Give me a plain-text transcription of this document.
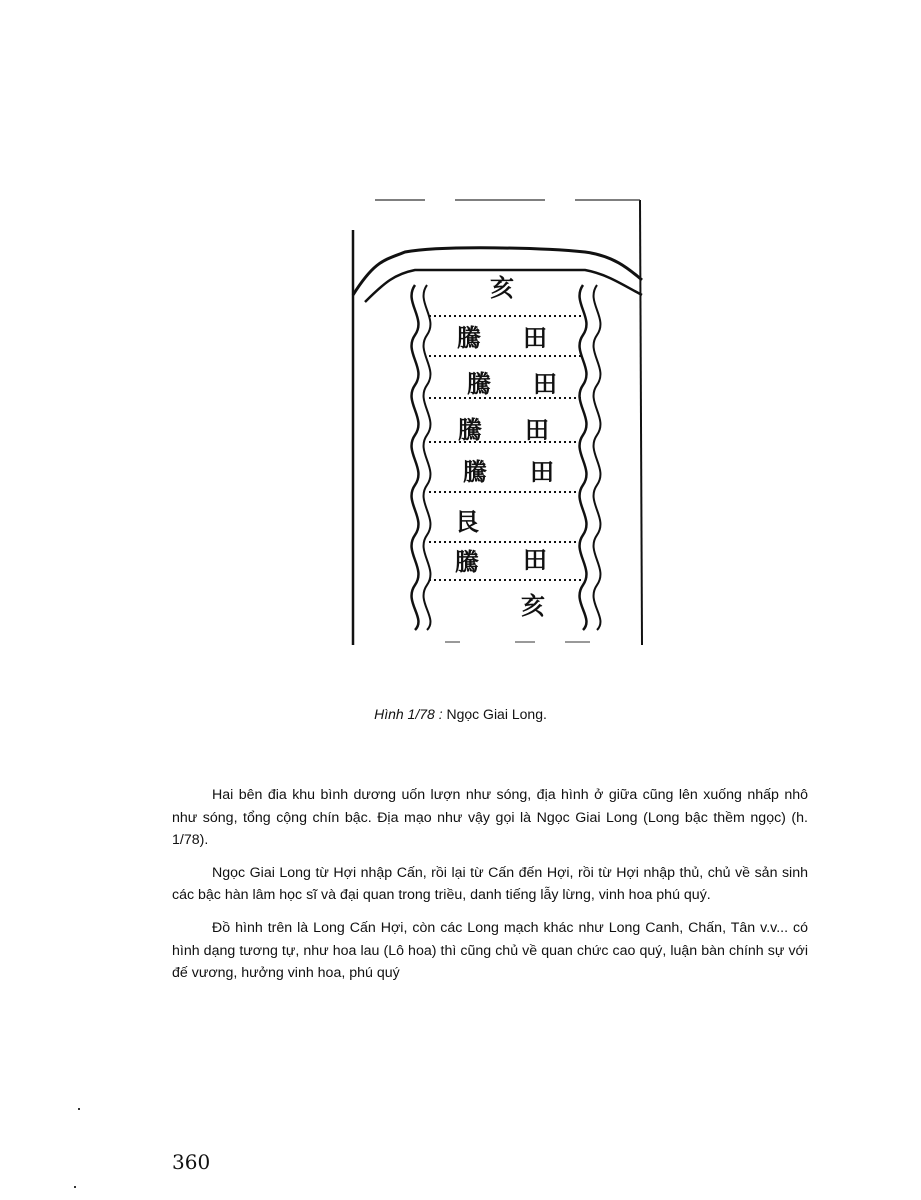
亥
騰 田
騰 田
騰 田
騰 田
艮
騰 田
亥
Hình 1/78 : Ngọc Giai Long.

Hai bên đia khu bình dương uốn lượn như sóng, địa hình ở giữa cũng lên xuống nhấp nhô như sóng, tổng cộng chín bậc. Địa mạo như vậy gọi là Ngọc Giai Long (Long bậc thềm ngọc) (h. 1/78).

Ngọc Giai Long từ Hợi nhập Cấn, rồi lại từ Cấn đến Hợi, rồi từ Hợi nhập thủ, chủ về sản sinh các bậc hàn lâm học sĩ và đại quan trong triều, danh tiếng lẫy lừng, vinh hoa phú quý.

Đồ hình trên là Long Cấn Hợi, còn các Long mạch khác như Long Canh, Chấn, Tân v.v... có hình dạng tương tự, như hoa lau (Lô hoa) thì cũng chủ về quan chức cao quý, luận bàn chính sự với đế vương, hưởng vinh hoa, phú quý

360
